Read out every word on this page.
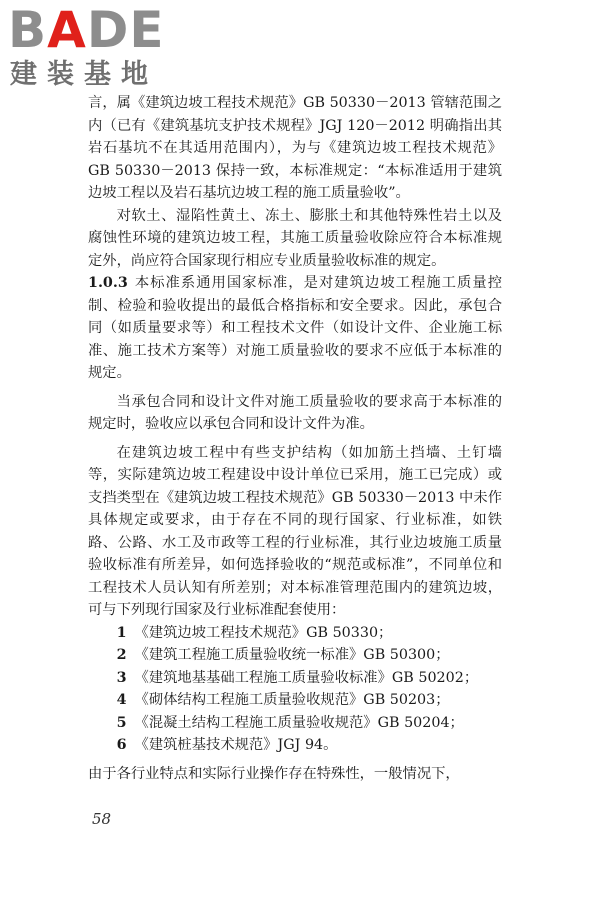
BADE
建装基地

言，属《建筑边坡工程技术规范》GB 50330－2013 管辖范围之内（已有《建筑基坑支护技术规程》JGJ 120－2012 明确指出其岩石基坑不在其适用范围内），为与《建筑边坡工程技术规范》GB 50330－2013 保持一致，本标准规定：“本标准适用于建筑边坡工程以及岩石基坑边坡工程的施工质量验收”。

对软土、湿陷性黄土、冻土、膨胀土和其他特殊性岩土以及腐蚀性环境的建筑边坡工程，其施工质量验收除应符合本标准规定外，尚应符合国家现行相应专业质量验收标准的规定。

1.0.3 本标准系通用国家标准，是对建筑边坡工程施工质量控制、检验和验收提出的最低合格指标和安全要求。因此，承包合同（如质量要求等）和工程技术文件（如设计文件、企业施工标准、施工技术方案等）对施工质量验收的要求不应低于本标准的规定。

当承包合同和设计文件对施工质量验收的要求高于本标准的规定时，验收应以承包合同和设计文件为准。

在建筑边坡工程中有些支护结构（如加筋土挡墙、土钉墙等，实际建筑边坡工程建设中设计单位已采用，施工已完成）或支挡类型在《建筑边坡工程技术规范》GB 50330－2013 中未作具体规定或要求，由于存在不同的现行国家、行业标准，如铁路、公路、水工及市政等工程的行业标准，其行业边坡施工质量验收标准有所差异，如何选择验收的“规范或标准”，不同单位和工程技术人员认知有所差别；对本标准管理范围内的建筑边坡，可与下列现行国家及行业标准配套使用：

1 《建筑边坡工程技术规范》GB 50330；

2 《建筑工程施工质量验收统一标准》GB 50300；

3 《建筑地基基础工程施工质量验收标准》GB 50202；

4 《砌体结构工程施工质量验收规范》GB 50203；

5 《混凝土结构工程施工质量验收规范》GB 50204；

6 《建筑桩基技术规范》JGJ 94。

由于各行业特点和实际行业操作存在特殊性，一般情况下，

58
